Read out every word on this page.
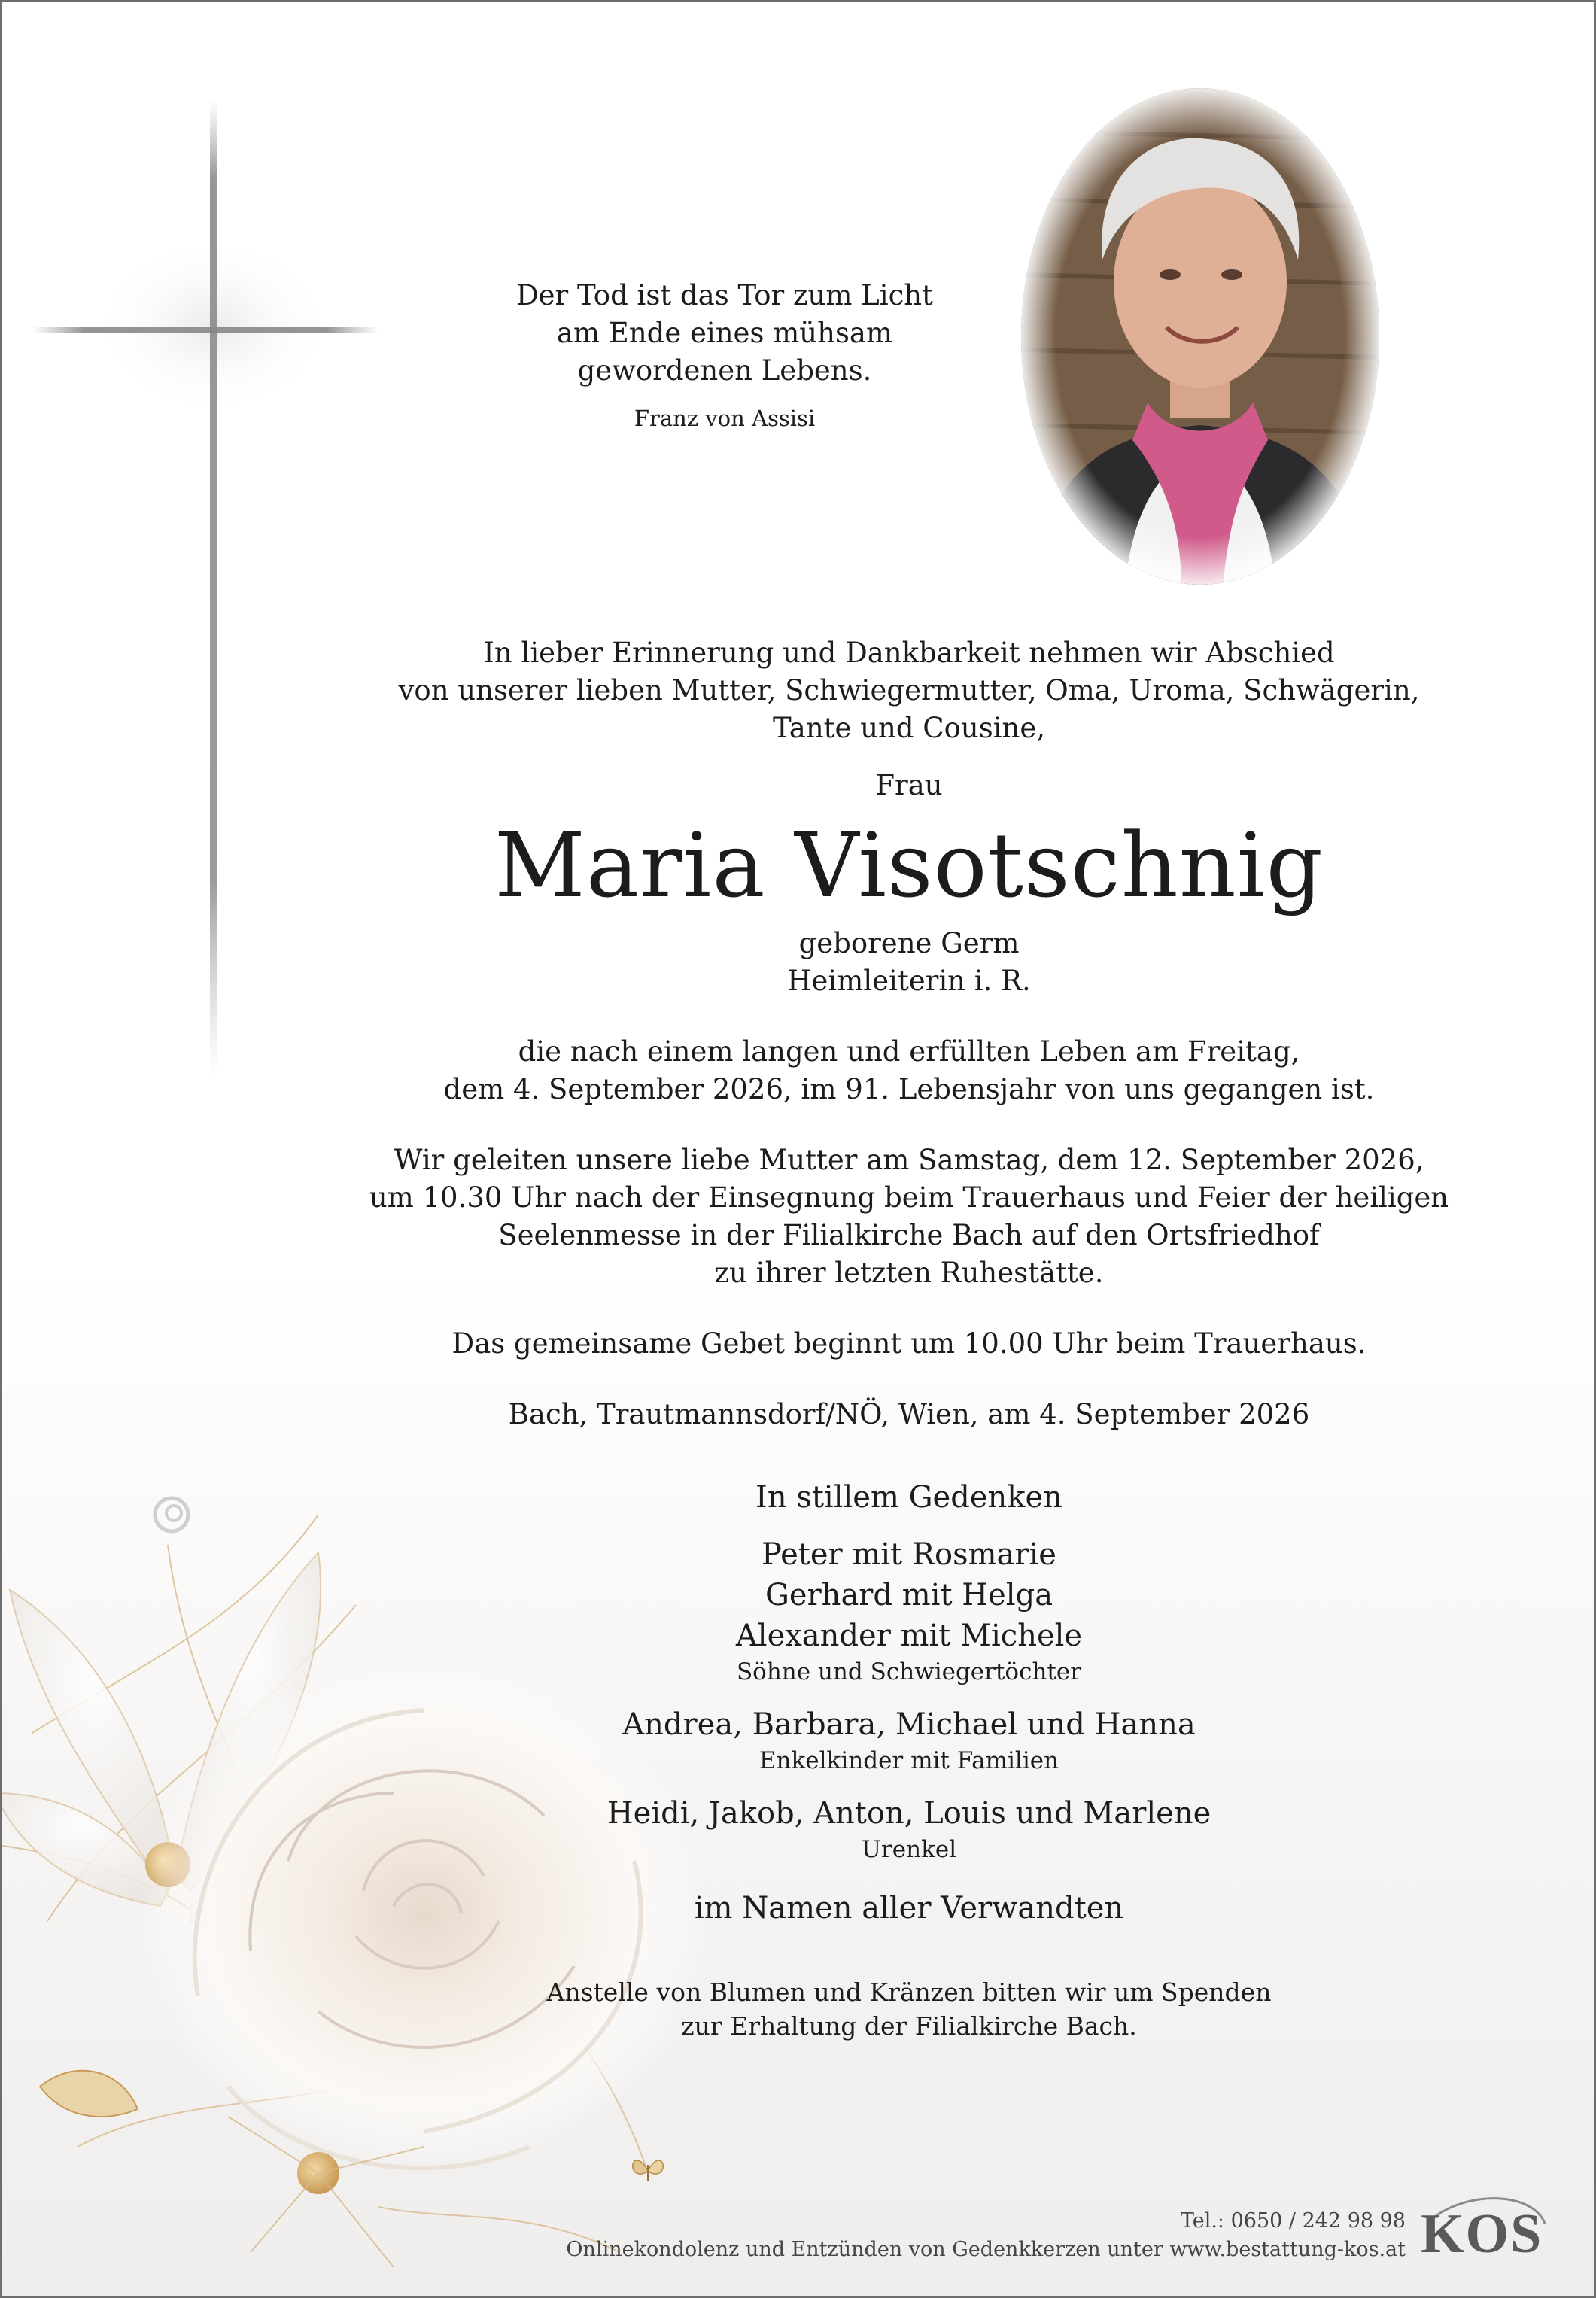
Der Tod ist das Tor zum Licht
am Ende eines mühsam
gewordenen Lebens.
Franz von Assisi
In lieber Erinnerung und Dankbarkeit nehmen wir Abschied
von unserer lieben Mutter, Schwiegermutter, Oma, Uroma, Schwägerin,
Tante und Cousine,
Frau
Maria Visotschnig
geborene Germ
Heimleiterin i. R.
die nach einem langen und erfüllten Leben am Freitag,
dem 4. September 2026, im 91. Lebensjahr von uns gegangen ist.
Wir geleiten unsere liebe Mutter am Samstag, dem 12. September 2026,
um 10.30 Uhr nach der Einsegnung beim Trauerhaus und Feier der heiligen
Seelenmesse in der Filialkirche Bach auf den Ortsfriedhof
zu ihrer letzten Ruhestätte.
Das gemeinsame Gebet beginnt um 10.00 Uhr beim Trauerhaus.
Bach, Trautmannsdorf/NÖ, Wien, am 4. September 2026
In stillem Gedenken
Peter mit Rosmarie
Gerhard mit Helga
Alexander mit Michele
Söhne und Schwiegertöchter
Andrea, Barbara, Michael und Hanna
Enkelkinder mit Familien
Heidi, Jakob, Anton, Louis und Marlene
Urenkel
im Namen aller Verwandten
Anstelle von Blumen und Kränzen bitten wir um Spenden
zur Erhaltung der Filialkirche Bach.
Tel.: 0650 / 242 98 98
Onlinekondolenz und Entzünden von Gedenkkerzen unter www.bestattung-kos.at KOS
